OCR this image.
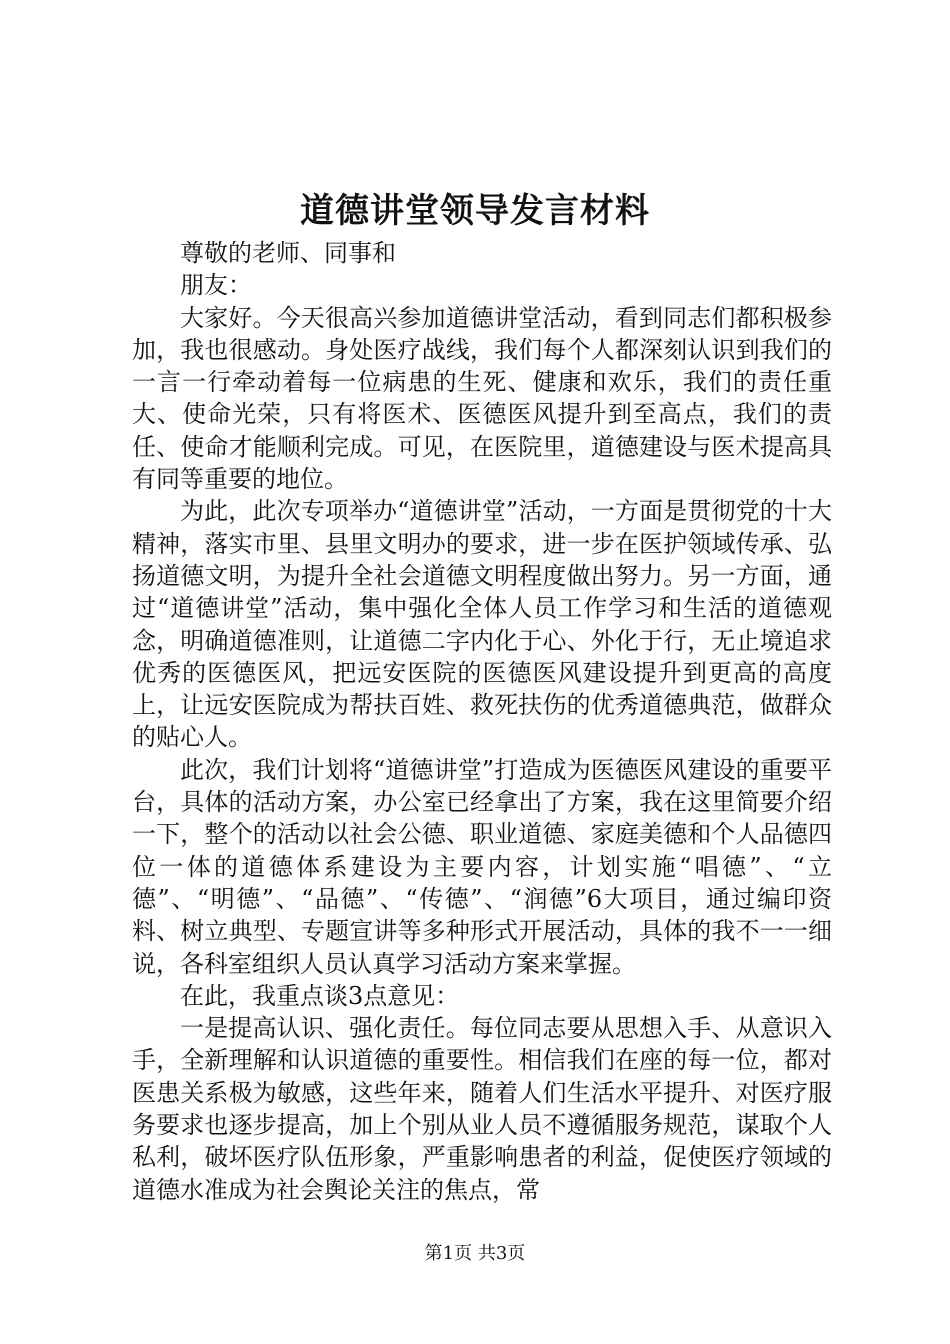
道德讲堂领导发言材料

尊敬的老师、同事和

朋友：

大家好。今天很高兴参加道德讲堂活动，看到同志们都积极参加，我也很感动。身处医疗战线，我们每个人都深刻认识到我们的一言一行牵动着每一位病患的生死、健康和欢乐，我们的责任重大、使命光荣，只有将医术、医德医风提升到至高点，我们的责任、使命才能顺利完成。可见，在医院里，道德建设与医术提高具有同等重要的地位。

为此，此次专项举办“道德讲堂”活动，一方面是贯彻党的十大精神，落实市里、县里文明办的要求，进一步在医护领域传承、弘扬道德文明，为提升全社会道德文明程度做出努力。另一方面，通过“道德讲堂”活动，集中强化全体人员工作学习和生活的道德观念，明确道德准则，让道德二字内化于心、外化于行，无止境追求优秀的医德医风，把远安医院的医德医风建设提升到更高的高度上，让远安医院成为帮扶百姓、救死扶伤的优秀道德典范，做群众的贴心人。

此次，我们计划将“道德讲堂”打造成为医德医风建设的重要平台，具体的活动方案，办公室已经拿出了方案，我在这里简要介绍一下，整个的活动以社会公德、职业道德、家庭美德和个人品德四位一体的道德体系建设为主要内容，计划实施“唱德”、“立德”、“明德”、“品德”、“传德”、“润德”6大项目，通过编印资料、树立典型、专题宣讲等多种形式开展活动，具体的我不一一细说，各科室组织人员认真学习活动方案来掌握。

在此，我重点谈3点意见：

一是提高认识、强化责任。每位同志要从思想入手、从意识入手，全新理解和认识道德的重要性。相信我们在座的每一位，都对医患关系极为敏感，这些年来，随着人们生活水平提升、对医疗服务要求也逐步提高，加上个别从业人员不遵循服务规范，谋取个人私利，破坏医疗队伍形象，严重影响患者的利益，促使医疗领域的道德水准成为社会舆论关注的焦点，常

第1页 共3页
